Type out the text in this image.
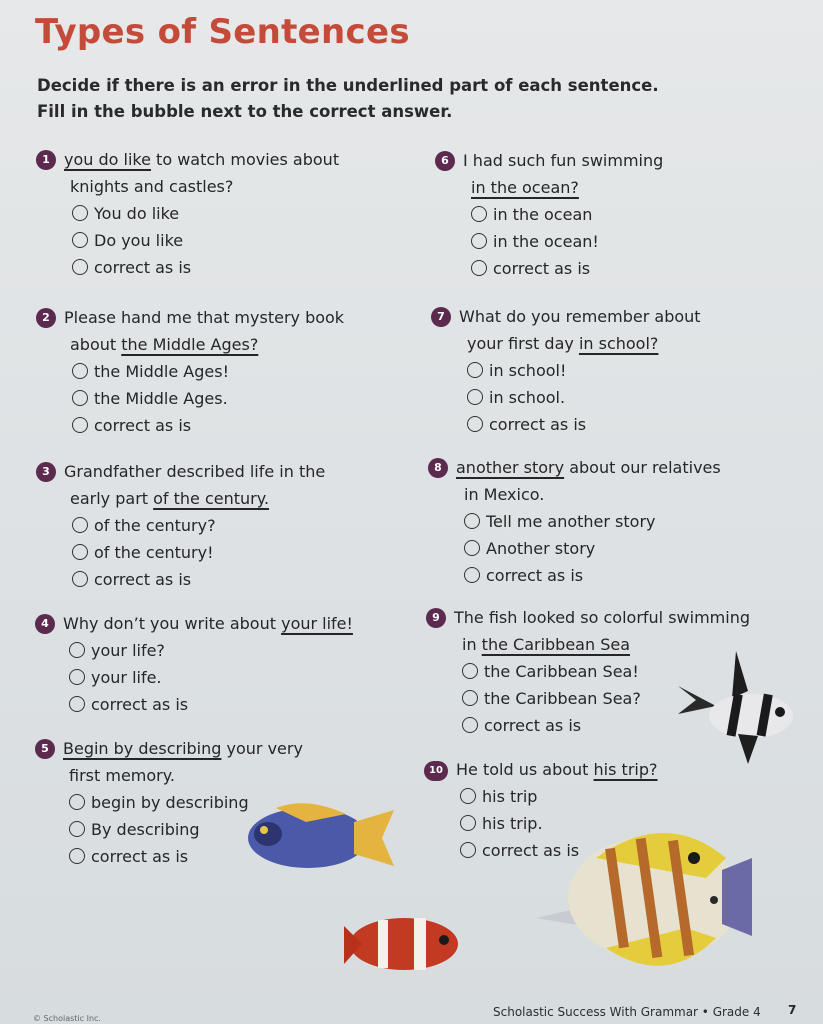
Types of Sentences
Decide if there is an error in the underlined part of each sentence.
Fill in the bubble next to the correct answer.
1 you do like to watch movies about
knights and castles?
You do like
Do you like
correct as is
2 Please hand me that mystery book
about the Middle Ages?
the Middle Ages!
the Middle Ages.
correct as is
3 Grandfather described life in the
early part of the century.
of the century?
of the century!
correct as is
4 Why don’t you write about your life!
your life?
your life.
correct as is
5 Begin by describing your very
first memory.
begin by describing
By describing
correct as is
6 I had such fun swimming
in the ocean?
in the ocean
in the ocean!
correct as is
7 What do you remember about
your first day in school?
in school!
in school.
correct as is
8 another story about our relatives
in Mexico.
Tell me another story
Another story
correct as is
9 The fish looked so colorful swimming
in the Caribbean Sea
the Caribbean Sea!
the Caribbean Sea?
correct as is
10 He told us about his trip?
his trip
his trip.
correct as is
Scholastic Success With Grammar • Grade 4 7
© Scholastic Inc.
